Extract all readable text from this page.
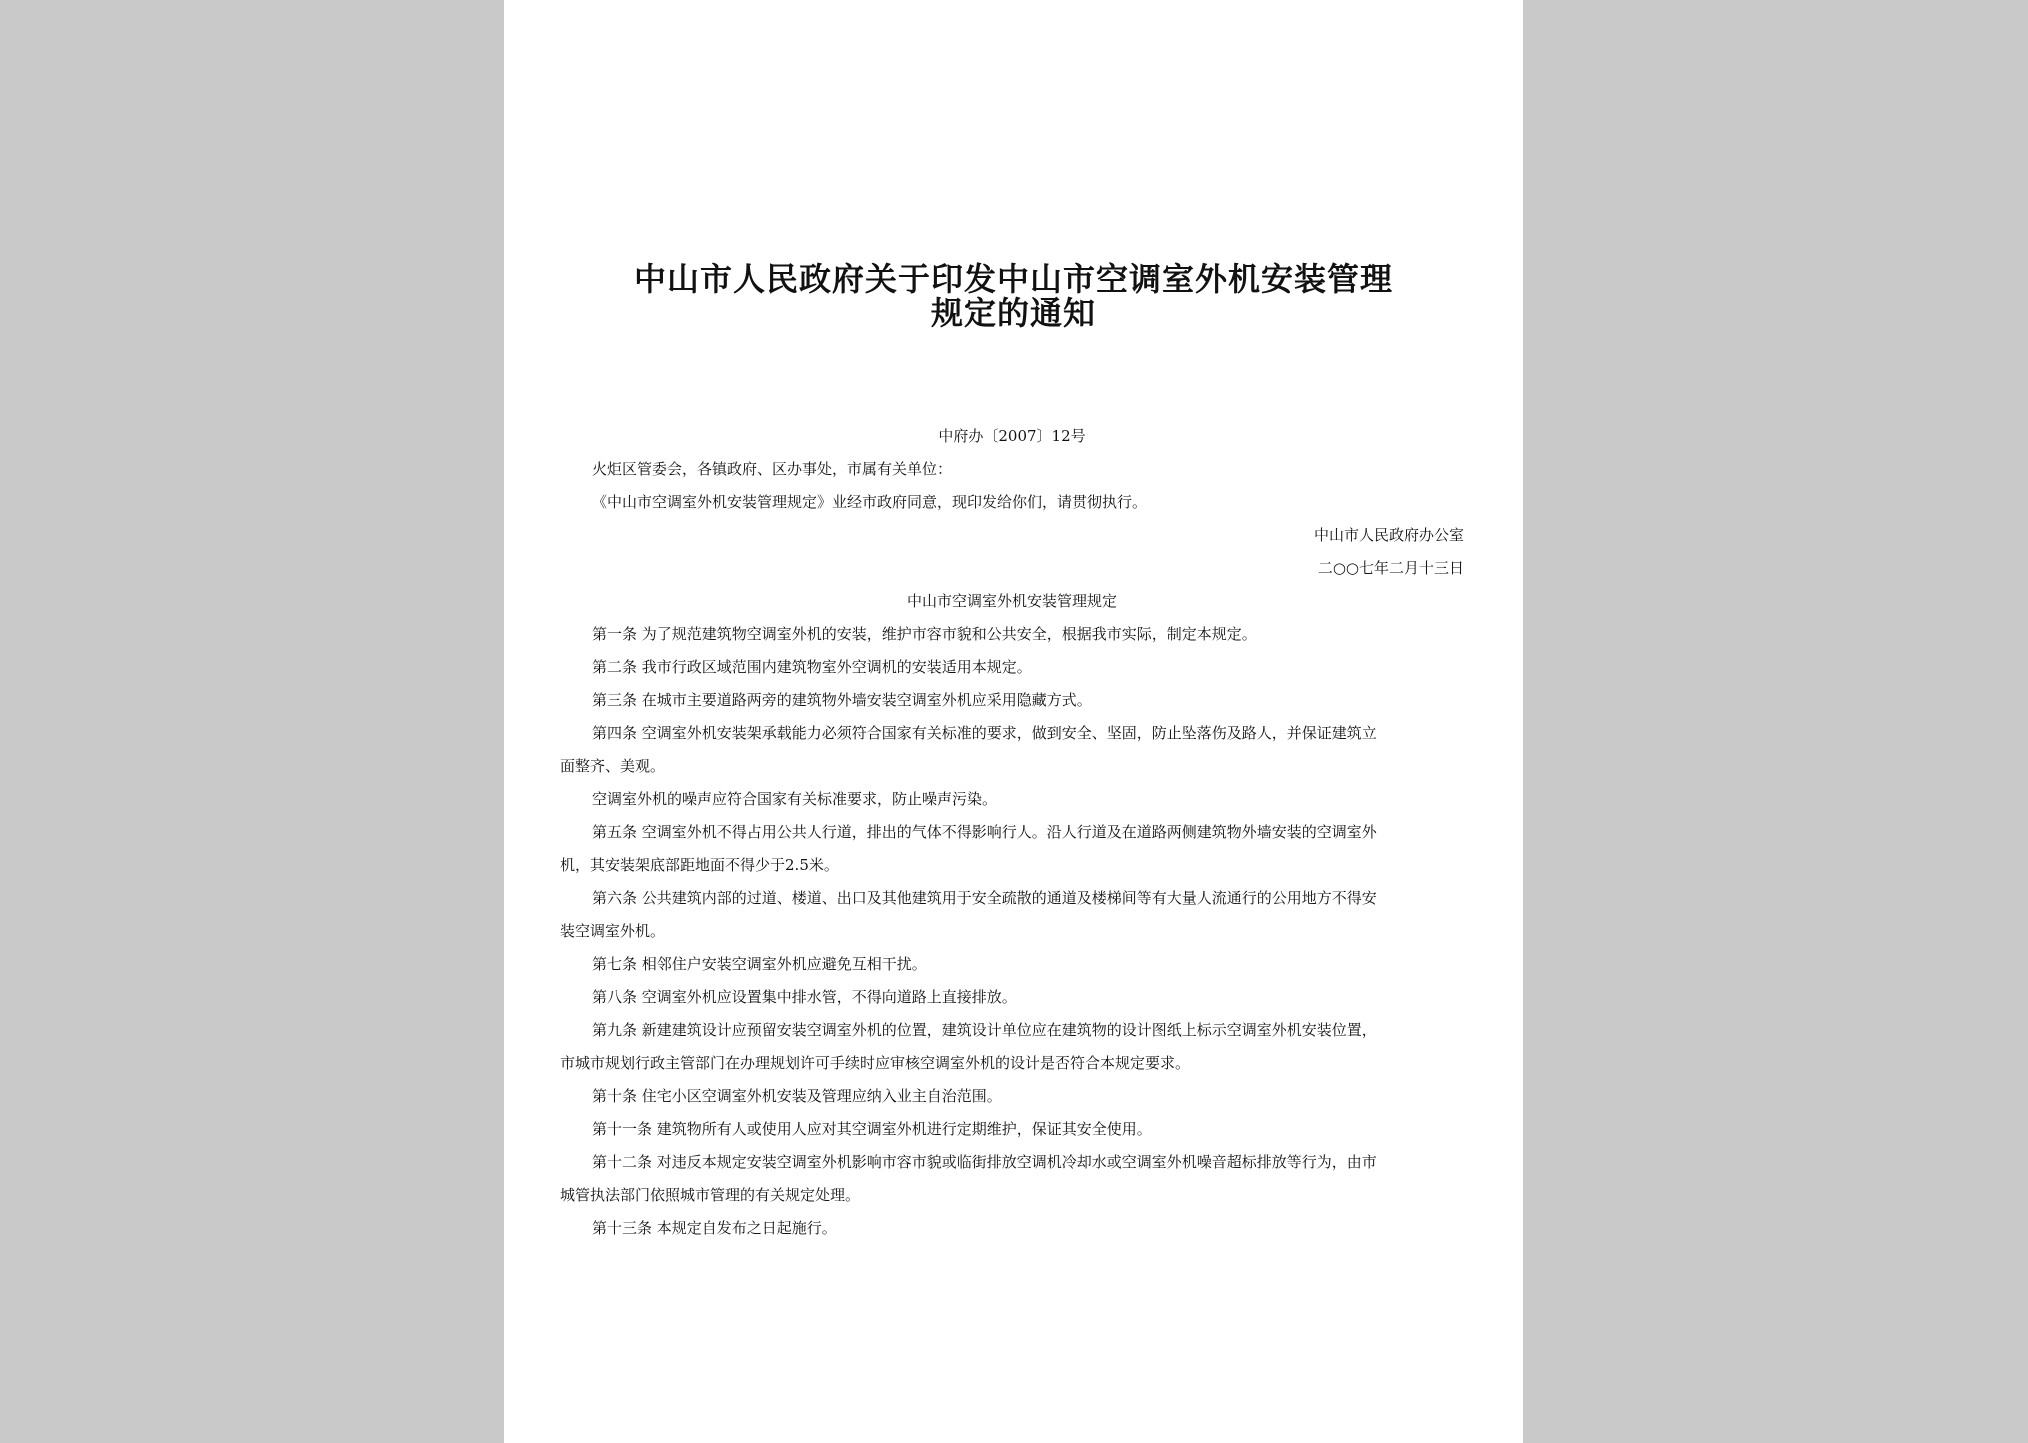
中山市人民政府关于印发中山市空调室外机安装管理
规定的通知
中府办〔2007〕12号
火炬区管委会，各镇政府、区办事处，市属有关单位：
《中山市空调室外机安装管理规定》业经市政府同意，现印发给你们，请贯彻执行。
中山市人民政府办公室
二○○七年二月十三日
中山市空调室外机安装管理规定
第一条 为了规范建筑物空调室外机的安装，维护市容市貌和公共安全，根据我市实际，制定本规定。
第二条 我市行政区域范围内建筑物室外空调机的安装适用本规定。
第三条 在城市主要道路两旁的建筑物外墙安装空调室外机应采用隐藏方式。
第四条 空调室外机安装架承载能力必须符合国家有关标准的要求，做到安全、坚固，防止坠落伤及路人，并保证建筑立
面整齐、美观。
空调室外机的噪声应符合国家有关标准要求，防止噪声污染。
第五条 空调室外机不得占用公共人行道，排出的气体不得影响行人。沿人行道及在道路两侧建筑物外墙安装的空调室外
机，其安装架底部距地面不得少于2.5米。
第六条 公共建筑内部的过道、楼道、出口及其他建筑用于安全疏散的通道及楼梯间等有大量人流通行的公用地方不得安
装空调室外机。
第七条 相邻住户安装空调室外机应避免互相干扰。
第八条 空调室外机应设置集中排水管，不得向道路上直接排放。
第九条 新建建筑设计应预留安装空调室外机的位置，建筑设计单位应在建筑物的设计图纸上标示空调室外机安装位置，
市城市规划行政主管部门在办理规划许可手续时应审核空调室外机的设计是否符合本规定要求。
第十条 住宅小区空调室外机安装及管理应纳入业主自治范围。
第十一条 建筑物所有人或使用人应对其空调室外机进行定期维护，保证其安全使用。
第十二条 对违反本规定安装空调室外机影响市容市貌或临街排放空调机冷却水或空调室外机噪音超标排放等行为，由市
城管执法部门依照城市管理的有关规定处理。
第十三条 本规定自发布之日起施行。
